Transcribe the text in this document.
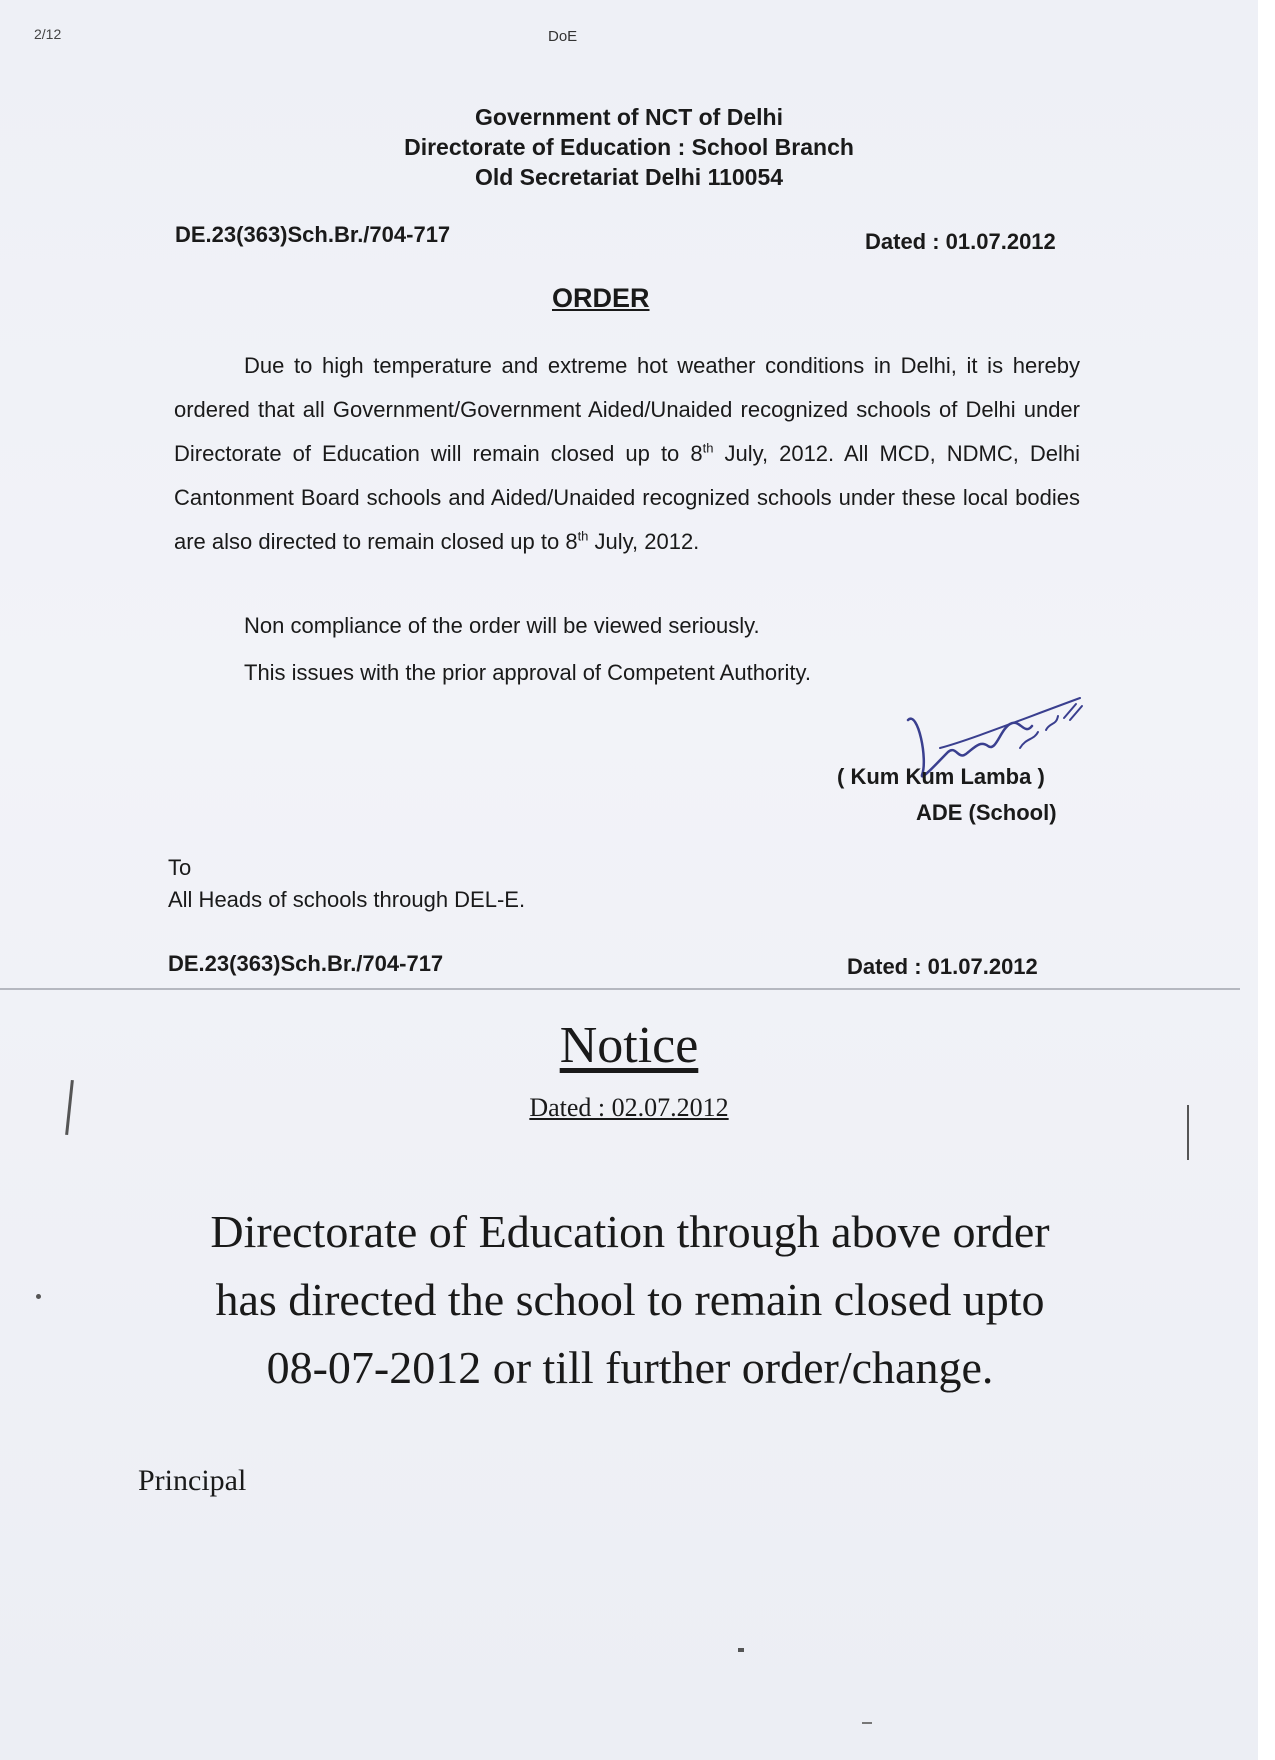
2/12	DoE
Government of NCT of Delhi
Directorate of Education : School Branch
Old Secretariat Delhi 110054
DE.23(363)Sch.Br./704-717	Dated : 01.07.2012
ORDER
Due to high temperature and extreme hot weather conditions in Delhi, it is hereby ordered that all Government/Government Aided/Unaided recognized schools of Delhi under Directorate of Education will remain closed up to 8th July, 2012. All MCD, NDMC, Delhi Cantonment Board schools and Aided/Unaided recognized schools under these local bodies are also directed to remain closed up to 8th July, 2012.
Non compliance of the order will be viewed seriously.
This issues with the prior approval of Competent Authority.
( Kum Kum Lamba )
ADE (School)
To
All Heads of schools through DEL-E.
DE.23(363)Sch.Br./704-717	Dated : 01.07.2012
Notice
Dated : 02.07.2012
Directorate of Education through above order
has directed the school to remain closed upto
08-07-2012 or till further order/change.
Principal
